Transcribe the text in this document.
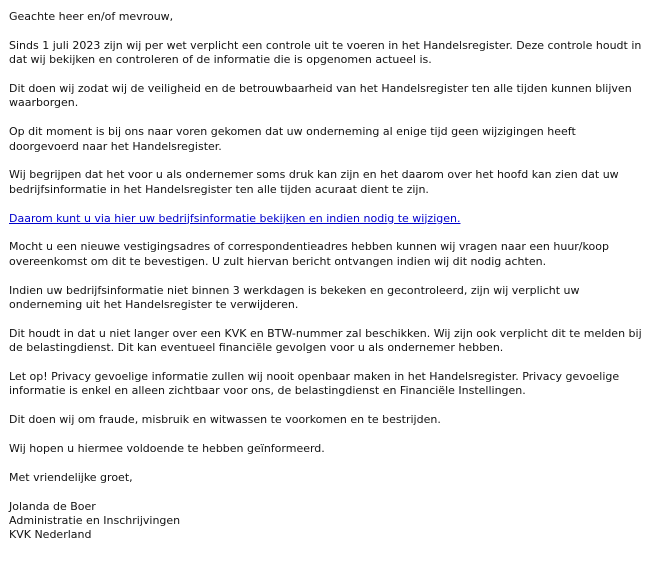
Geachte heer en/of mevrouw,
Sinds 1 juli 2023 zijn wij per wet verplicht een controle uit te voeren in het Handelsregister. Deze controle houdt in dat wij bekijken en controleren of de informatie die is opgenomen actueel is.
Dit doen wij zodat wij de veiligheid en de betrouwbaarheid van het Handelsregister ten alle tijden kunnen blijven waarborgen.
Op dit moment is bij ons naar voren gekomen dat uw onderneming al enige tijd geen wijzigingen heeft doorgevoerd naar het Handelsregister.
Wij begrijpen dat het voor u als ondernemer soms druk kan zijn en het daarom over het hoofd kan zien dat uw bedrijfsinformatie in het Handelsregister ten alle tijden acuraat dient te zijn.
Daarom kunt u via hier uw bedrijfsinformatie bekijken en indien nodig te wijzigen.
Mocht u een nieuwe vestigingsadres of correspondentieadres hebben kunnen wij vragen naar een huur/koop overeenkomst om dit te bevestigen. U zult hiervan bericht ontvangen indien wij dit nodig achten.
Indien uw bedrijfsinformatie niet binnen 3 werkdagen is bekeken en gecontroleerd, zijn wij verplicht uw onderneming uit het Handelsregister te verwijderen.
Dit houdt in dat u niet langer over een KVK en BTW-nummer zal beschikken. Wij zijn ook verplicht dit te melden bij de belastingdienst. Dit kan eventueel financiële gevolgen voor u als ondernemer hebben.
Let op! Privacy gevoelige informatie zullen wij nooit openbaar maken in het Handelsregister. Privacy gevoelige informatie is enkel en alleen zichtbaar voor ons, de belastingdienst en Financiële Instellingen.
Dit doen wij om fraude, misbruik en witwassen te voorkomen en te bestrijden.
Wij hopen u hiermee voldoende te hebben geïnformeerd.
Met vriendelijke groet,
Jolanda de Boer
Administratie en Inschrijvingen
KVK Nederland
